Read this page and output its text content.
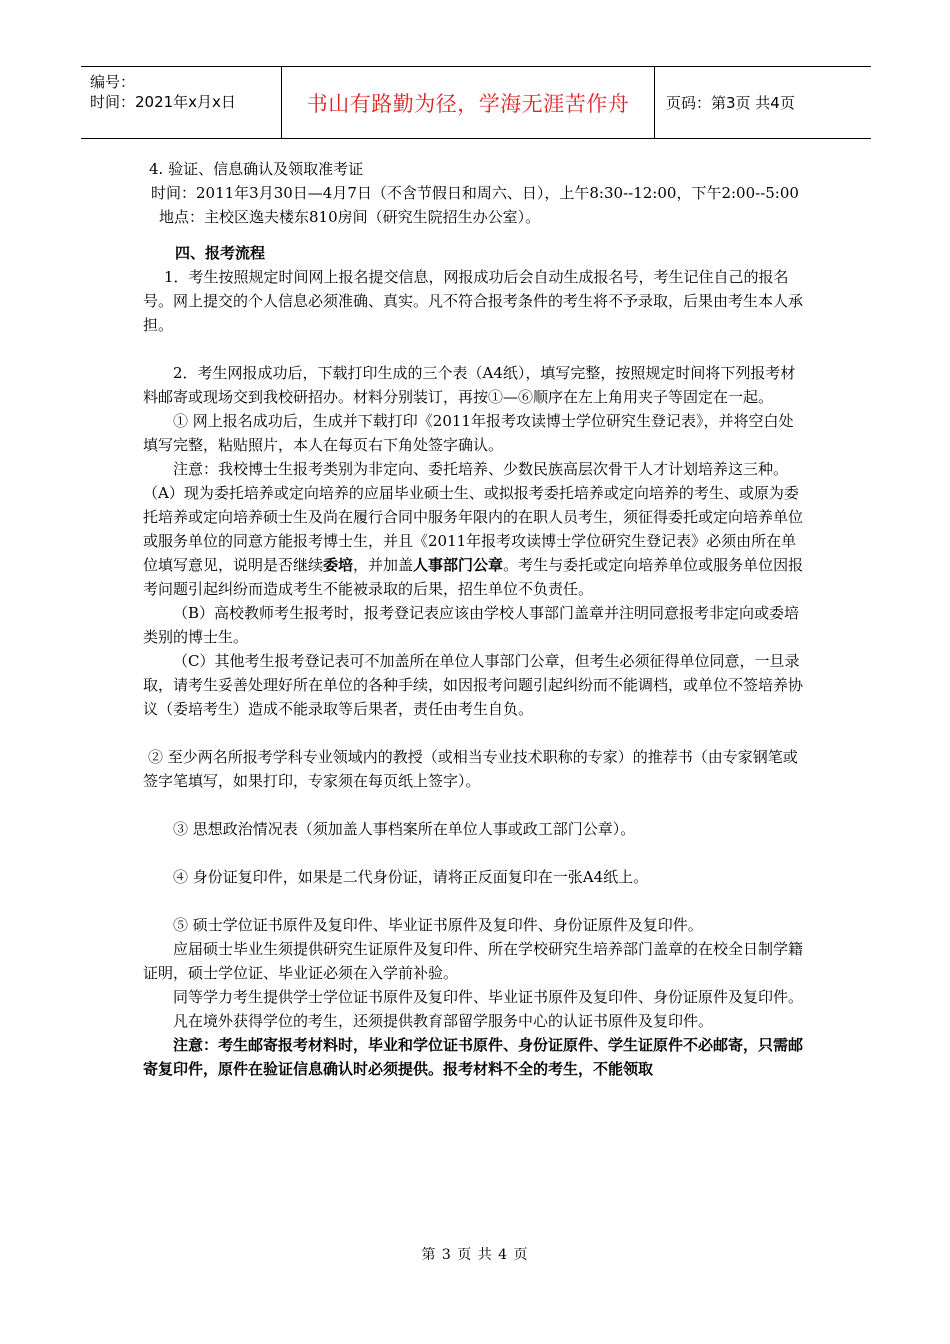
编号：
时间：2021年x月x日	书山有路勤为径，学海无涯苦作舟	页码：第3页 共4页

4. 验证、信息确认及领取准考证

时间：2011年3月30日—4月7日（不含节假日和周六、日），上午8:30--12:00，下午2:00--5:00

地点：主校区逸夫楼东810房间（研究生院招生办公室）。

四、报考流程

1．考生按照规定时间网上报名提交信息，网报成功后会自动生成报名号，考生记住自己的报名号。网上提交的个人信息必须准确、真实。凡不符合报考条件的考生将不予录取，后果由考生本人承担。

2．考生网报成功后，下载打印生成的三个表（A4纸），填写完整，按照规定时间将下列报考材料邮寄或现场交到我校研招办。材料分别装订，再按①—⑥顺序在左上角用夹子等固定在一起。

① 网上报名成功后，生成并下载打印《2011年报考攻读博士学位研究生登记表》，并将空白处填写完整，粘贴照片，本人在每页右下角处签字确认。

注意：我校博士生报考类别为非定向、委托培养、少数民族高层次骨干人才计划培养这三种。（A）现为委托培养或定向培养的应届毕业硕士生、或拟报考委托培养或定向培养的考生、或原为委托培养或定向培养硕士生及尚在履行合同中服务年限内的在职人员考生，须征得委托或定向培养单位或服务单位的同意方能报考博士生，并且《2011年报考攻读博士学位研究生登记表》必须由所在单位填写意见，说明是否继续委培，并加盖人事部门公章。考生与委托或定向培养单位或服务单位因报考问题引起纠纷而造成考生不能被录取的后果，招生单位不负责任。

（B）高校教师考生报考时，报考登记表应该由学校人事部门盖章并注明同意报考非定向或委培类别的博士生。

（C）其他考生报考登记表可不加盖所在单位人事部门公章，但考生必须征得单位同意，一旦录取，请考生妥善处理好所在单位的各种手续，如因报考问题引起纠纷而不能调档，或单位不签培养协议（委培考生）造成不能录取等后果者，责任由考生自负。

② 至少两名所报考学科专业领域内的教授（或相当专业技术职称的专家）的推荐书（由专家钢笔或签字笔填写，如果打印，专家须在每页纸上签字）。

③ 思想政治情况表（须加盖人事档案所在单位人事或政工部门公章）。

④ 身份证复印件，如果是二代身份证，请将正反面复印在一张A4纸上。

⑤ 硕士学位证书原件及复印件、毕业证书原件及复印件、身份证原件及复印件。

应届硕士毕业生须提供研究生证原件及复印件、所在学校研究生培养部门盖章的在校全日制学籍证明，硕士学位证、毕业证必须在入学前补验。

同等学力考生提供学士学位证书原件及复印件、毕业证书原件及复印件、身份证原件及复印件。

凡在境外获得学位的考生，还须提供教育部留学服务中心的认证书原件及复印件。

注意：考生邮寄报考材料时，毕业和学位证书原件、身份证原件、学生证原件不必邮寄，只需邮寄复印件，原件在验证信息确认时必须提供。报考材料不全的考生，不能领取

第 3 页 共 4 页
